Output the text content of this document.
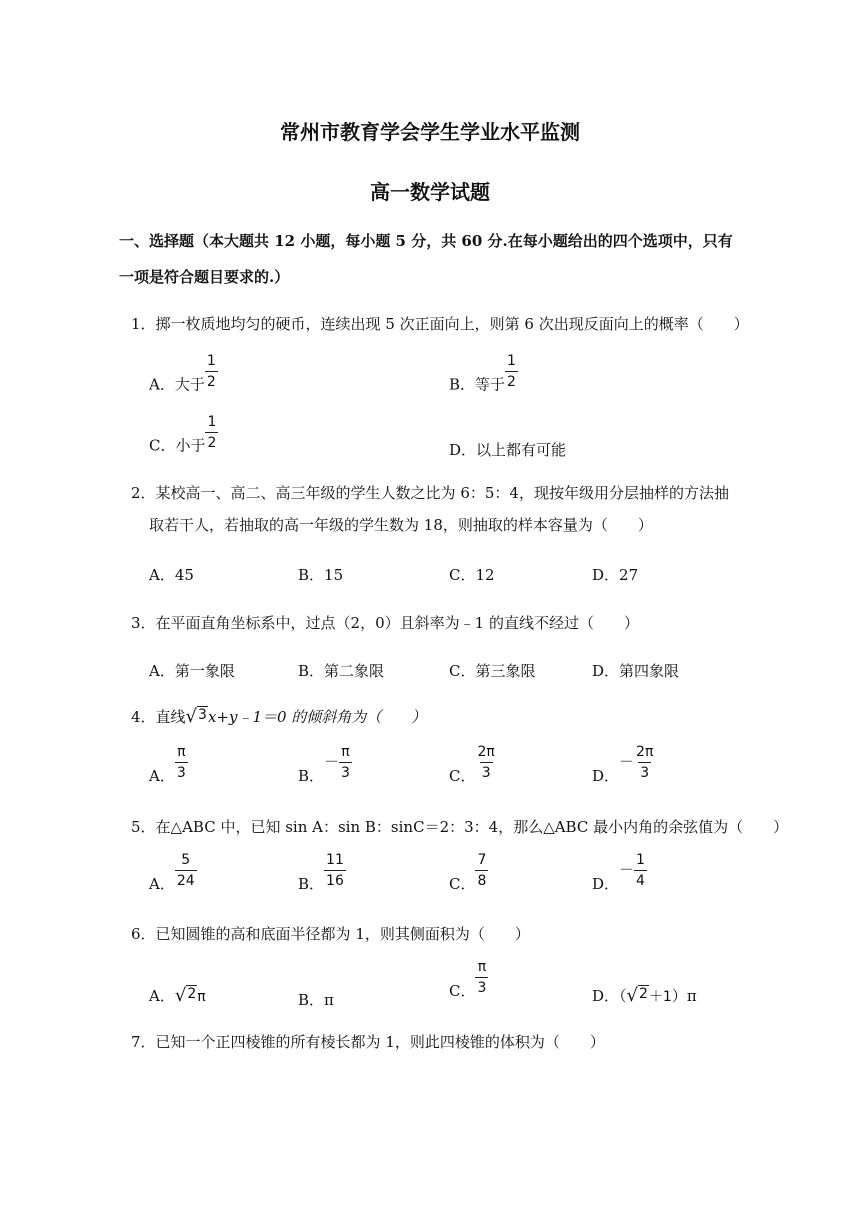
常州市教育学会学生学业水平监测
高一数学试题
一、选择题（本大题共 12 小题，每小题 5 分，共 60 分.在每小题给出的四个选项中，只有
一项是符合题目要求的.）
1．掷一枚质地均匀的硬币，连续出现 5 次正面向上，则第 6 次出现反面向上的概率（　　）
A．大于 $\frac{1}{2}$	B．等于 $\frac{1}{2}$
C．小于 $\frac{1}{2}$	D．以上都有可能
2．某校高一、高二、高三年级的学生人数之比为 6：5：4，现按年级用分层抽样的方法抽
取若干人，若抽取的高一年级的学生数为 18，则抽取的样本容量为（　　）
A．45	B．15	C．12	D．27
3．在平面直角坐标系中，过点（2，0）且斜率为﹣1 的直线不经过（　　）
A．第一象限	B．第二象限	C．第三象限	D．第四象限
4．直线 √ 3 x+y﹣1＝0 的倾斜角为（　　）
A． $\frac{\pi}{3}$	B．－ $\frac{\pi}{3}$	C． $\frac{2\pi}{3}$	D．－ $\frac{2\pi}{3}$
5．在△ABC 中，已知 sin A：sin B：sinC＝2：3：4，那么△ABC 最小内角的余弦值为（　　）
A． $\frac{5}{24}$	B． $\frac{11}{16}$	C． $\frac{7}{8}$	D．－ $\frac{1}{4}$
6．已知圆锥的高和底面半径都为 1，则其侧面积为（　　）
A． √ 2 π	B．π
C． $\frac{\pi}{3}$
D．（ √ 2 ＋1）π
7．已知一个正四棱锥的所有棱长都为 1，则此四棱锥的体积为（　　）
